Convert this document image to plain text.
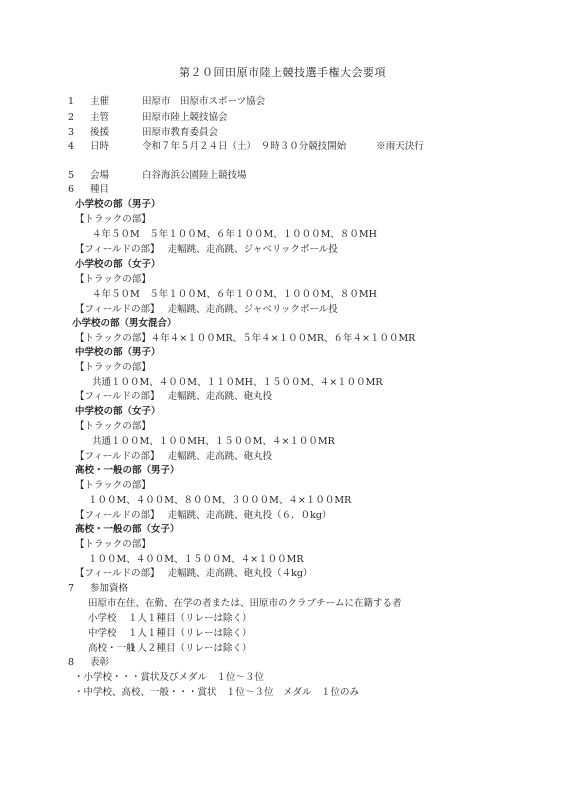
第２０回田原市陸上競技選手権大会要項
1 主催	田原市　田原市スポーツ協会
2 主管	田原市陸上競技協会
3 後援	田原市教育委員会
4 日時	令和７年５月２４日（土）　９時３０分競技開始	※雨天決行
5 会場	白谷海浜公園陸上競技場
6 種目
小学校の部（男子）
【トラックの部】
４年５０M　５年１００M、６年１００M、１０００M、８０MH
【フィールドの部】 走幅跳、走高跳、ジャベリックボール投
小学校の部（女子）
【トラックの部】
４年５０M　５年１００M、６年１００M、１０００M、８０MH
【フィールドの部】 走幅跳、走高跳、ジャベリックボール投
小学校の部（男女混合）
【トラックの部】４年４×１００MR、５年４×１００MR、６年４×１００MR
中学校の部（男子）
【トラックの部】
共通１００M、４００M、１１０MH、１５００M、４×１００MR
【フィールドの部】 走幅跳、走高跳、砲丸投
中学校の部（女子）
【トラックの部】
共通１００M、１００MH、１５００M、４×１００MR
【フィールドの部】 走幅跳、走高跳、砲丸投
高校・一般の部（男子）
【トラックの部】
１００M、４００M、８００M、３０００M、４×１００MR
【フィールドの部】 走幅跳、走高跳、砲丸投（６．０kg）
高校・一般の部（女子）
【トラックの部】
１００M、４００M、１５００M、４×１００MR
【フィールドの部】 走幅跳、走高跳、砲丸投（４kg）
7 参加資格
田原市在住、在勤、在学の者または、田原市のクラブチームに在籍する者
小学校 １人１種目（リレーは除く）
中学校 １人１種目（リレーは除く）
高校・一般１人２種目（リレーは除く）
8 表彰
・小学校・・・賞状及びメダル　１位～３位
・中学校、高校、一般・・・賞状　１位～３位　メダル　１位のみ
